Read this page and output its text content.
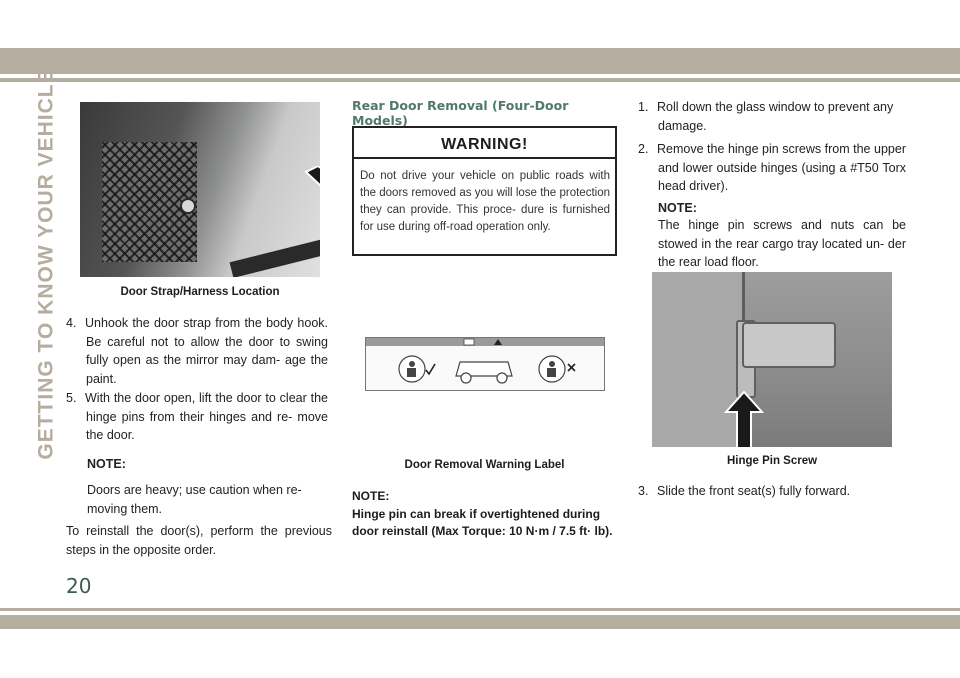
GETTING TO KNOW YOUR VEHICLE	Door Strap/Harness Location
4. Unhook the door strap from the body hook. Be careful not to allow the door to swing fully open as the mirror may dam- age the paint.
5. With the door open, lift the door to clear the hinge pins from their hinges and re- move the door.
NOTE:
Doors are heavy; use caution when re- moving them.
To reinstall the door(s), perform the previous steps in the opposite order.
Rear Door Removal (Four-Door Models)
WARNING!
Do not drive your vehicle on public roads with the doors removed as you will lose the protection they can provide. This proce- dure is furnished for use during off-road operation only.
Door Removal Warning Label
NOTE:
Hinge pin can break if overtightened during door reinstall (Max Torque: 10 N·m / 7.5 ft· lb).
1. Roll down the glass window to prevent any damage.
2. Remove the hinge pin screws from the upper and lower outside hinges (using a #T50 Torx head driver).
NOTE:
The hinge pin screws and nuts can be stowed in the rear cargo tray located un- der the rear load floor.
Hinge Pin Screw
3. Slide the front seat(s) fully forward.
20
